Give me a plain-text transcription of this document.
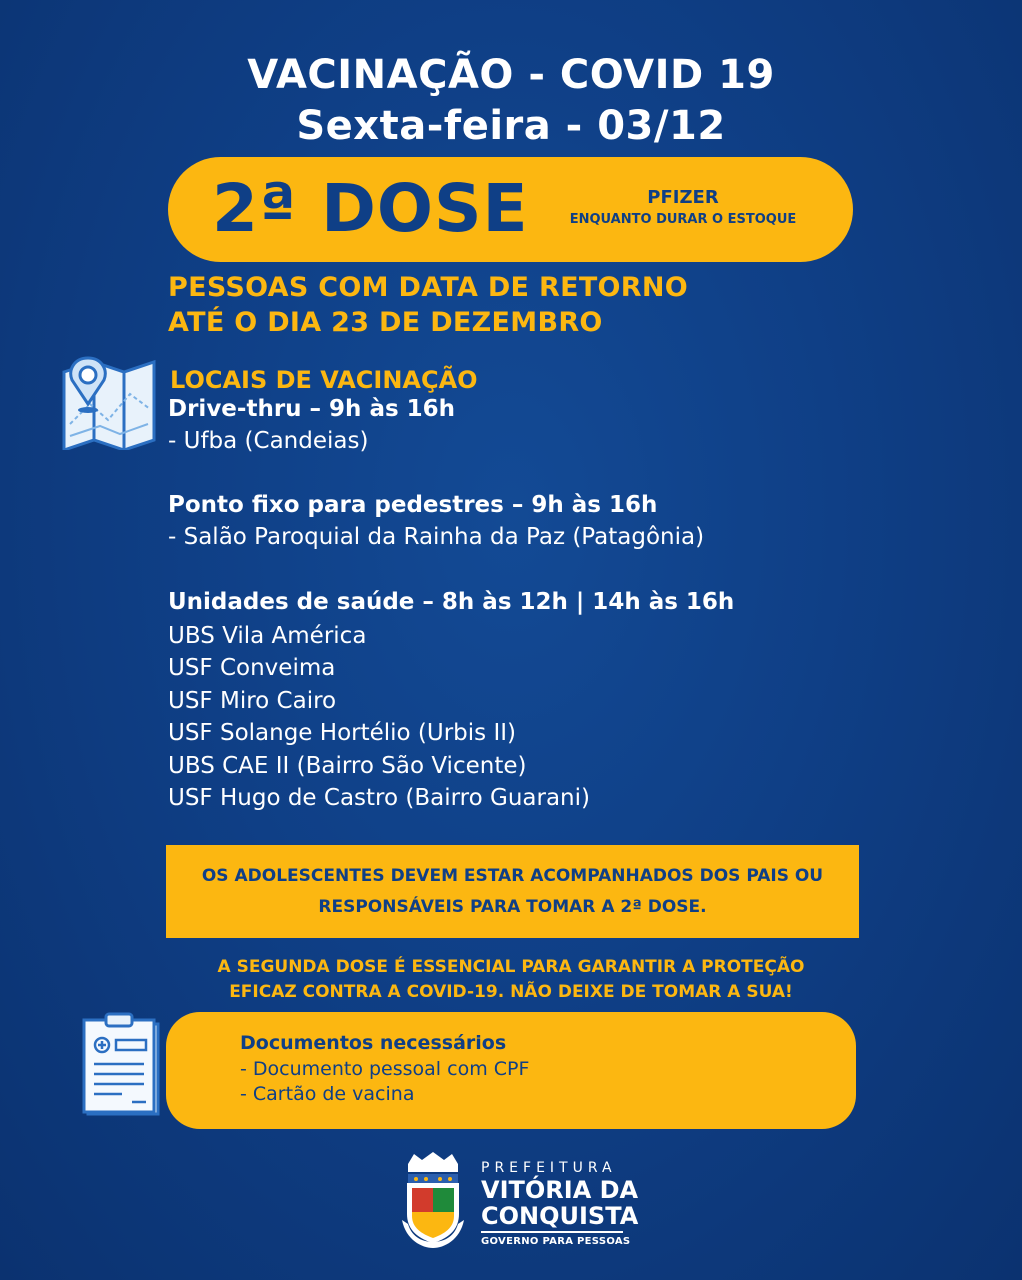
VACINAÇÃO - COVID 19
Sexta-feira - 03/12
2ª DOSE	PFIZER
ENQUANTO DURAR O ESTOQUE
PESSOAS COM DATA DE RETORNO
ATÉ O DIA 23 DE DEZEMBRO
LOCAIS DE VACINAÇÃO
Drive-thru – 9h às 16h
- Ufba (Candeias)
Ponto fixo para pedestres – 9h às 16h
- Salão Paroquial da Rainha da Paz (Patagônia)
Unidades de saúde – 8h às 12h | 14h às 16h
UBS Vila América
USF Conveima
USF Miro Cairo
USF Solange Hortélio (Urbis II)
UBS CAE II (Bairro São Vicente)
USF Hugo de Castro (Bairro Guarani)
OS ADOLESCENTES DEVEM ESTAR ACOMPANHADOS DOS PAIS OU RESPONSÁVEIS PARA TOMAR A 2ª DOSE.
A SEGUNDA DOSE É ESSENCIAL PARA GARANTIR A PROTEÇÃO
EFICAZ CONTRA A COVID-19. NÃO DEIXE DE TOMAR A SUA!
Documentos necessários
- Documento pessoal com CPF
- Cartão de vacina
PREFEITURA
VITÓRIA DA
CONQUISTA
GOVERNO PARA PESSOAS
